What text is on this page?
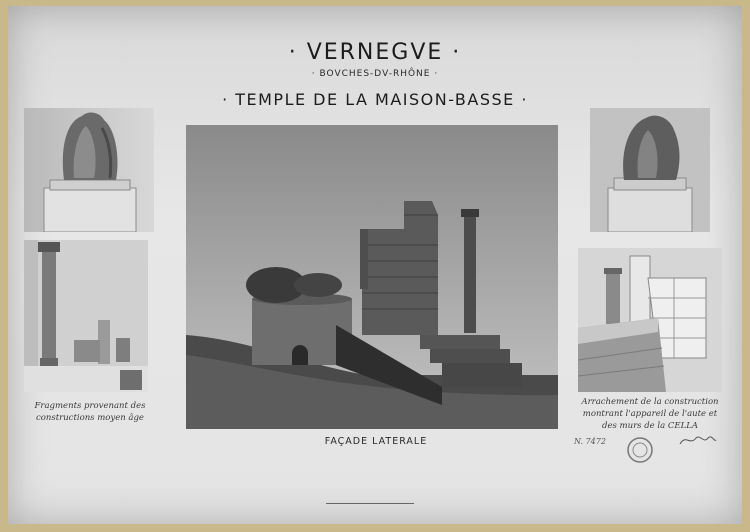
· VERNEGVE ·
· BOVCHES-DV-RHÔNE ·
· TEMPLE DE LA MAISON-BASSE ·
Fragments provenant des
constructions moyen âge
FAÇADE LATERALE
Arrachement de la construction
montrant l'appareil de l'aute et
des murs de la CELLA
N. 7472
